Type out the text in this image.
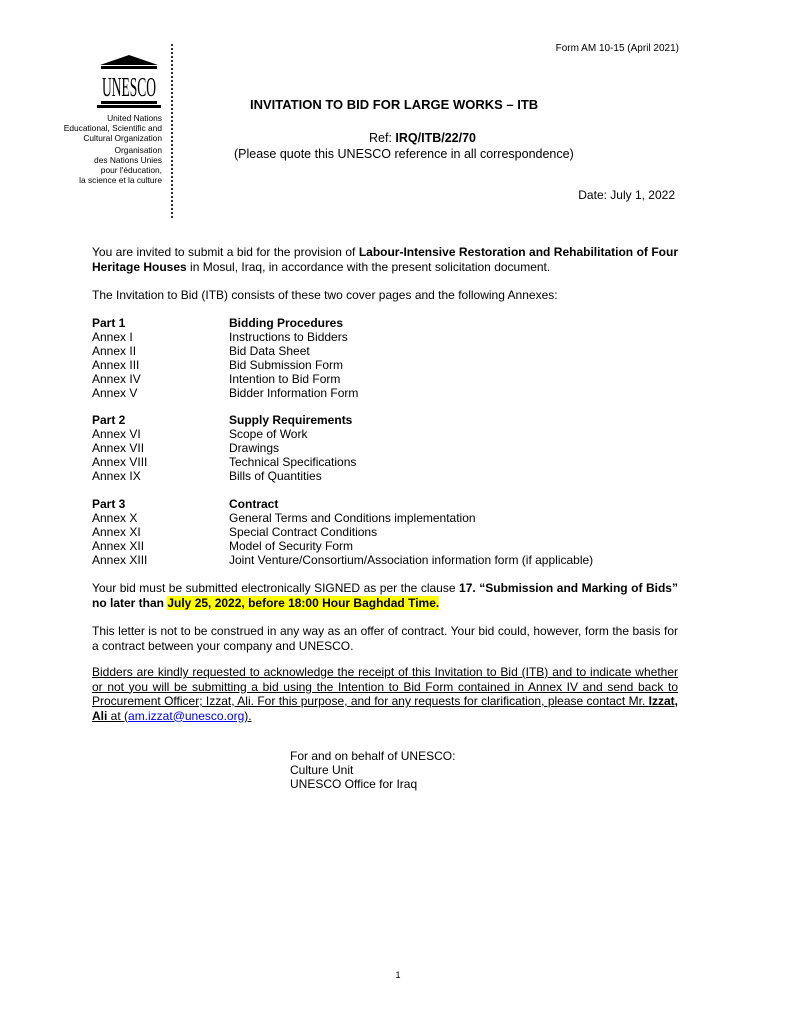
Form AM 10-15 (April 2021)
UNESCO
United Nations
Educational, Scientific and
Cultural Organization
Organisation
des Nations Unies
pour l'éducation,
la science et la culture
INVITATION TO BID FOR LARGE WORKS – ITB
Ref: IRQ/ITB/22/70
(Please quote this UNESCO reference in all correspondence)
Date: July 1, 2022
You are invited to submit a bid for the provision of Labour-Intensive Restoration and Rehabilitation of Four Heritage Houses in Mosul, Iraq, in accordance with the present solicitation document.
The Invitation to Bid (ITB) consists of these two cover pages and the following Annexes:
Part 1	Bidding Procedures
Annex I	Instructions to Bidders
Annex II	Bid Data Sheet
Annex III	Bid Submission Form
Annex IV	Intention to Bid Form
Annex V	Bidder Information Form
Part 2	Supply Requirements
Annex VI	Scope of Work
Annex VII	Drawings
Annex VIII	Technical Specifications
Annex IX	Bills of Quantities
Part 3	Contract
Annex X	General Terms and Conditions implementation
Annex XI	Special Contract Conditions
Annex XII	Model of Security Form
Annex XIII	Joint Venture/Consortium/Association information form (if applicable)
Your bid must be submitted electronically SIGNED as per the clause 17. “Submission and Marking of Bids” no later than July 25, 2022, before 18:00 Hour Baghdad Time.
This letter is not to be construed in any way as an offer of contract. Your bid could, however, form the basis for a contract between your company and UNESCO.
Bidders are kindly requested to acknowledge the receipt of this Invitation to Bid (ITB) and to indicate whether or not you will be submitting a bid using the Intention to Bid Form contained in Annex IV and send back to Procurement Officer; Izzat, Ali. For this purpose, and for any requests for clarification, please contact Mr. Izzat, Ali at (am.izzat@unesco.org).
For and on behalf of UNESCO:
Culture Unit
UNESCO Office for Iraq
1
